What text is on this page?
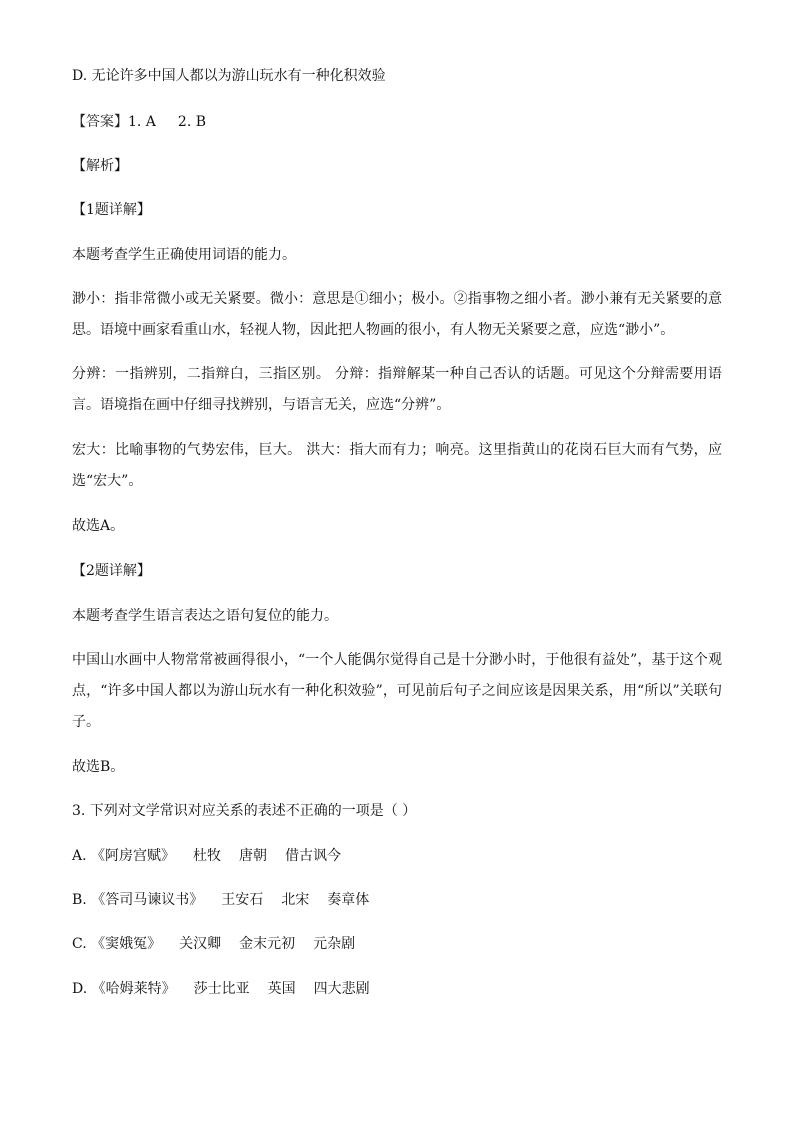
D. 无论许多中国人都以为游山玩水有一种化积效验
【答案】1. A 2. B
【解析】
【1题详解】
本题考查学生正确使用词语的能力。
渺小：指非常微小或无关紧要。微小：意思是①细小；极小。②指事物之细小者。渺小兼有无关紧要的意思。语境中画家看重山水，轻视人物，因此把人物画的很小，有人物无关紧要之意，应选“渺小”。
分辨：一指辨别，二指辩白，三指区别。 分辩：指辩解某一种自己否认的话题。可见这个分辩需要用语言。语境指在画中仔细寻找辨别，与语言无关，应选“分辨”。
宏大：比喻事物的气势宏伟，巨大。 洪大：指大而有力；响亮。这里指黄山的花岗石巨大而有气势，应选“宏大”。
故选A。
【2题详解】
本题考查学生语言表达之语句复位的能力。
中国山水画中人物常常被画得很小，“一个人能偶尔觉得自己是十分渺小时，于他很有益处”，基于这个观点，“许多中国人都以为游山玩水有一种化积效验”，可见前后句子之间应该是因果关系，用“所以”关联句子。
故选B。
3. 下列对文学常识对应关系的表述不正确的一项是（ ）
A. 《阿房宫赋》 杜牧 唐朝 借古讽今
B. 《答司马谏议书》 王安石 北宋 奏章体
C. 《窦娥冤》 关汉卿 金末元初 元杂剧
D. 《哈姆莱特》 莎士比亚 英国 四大悲剧
